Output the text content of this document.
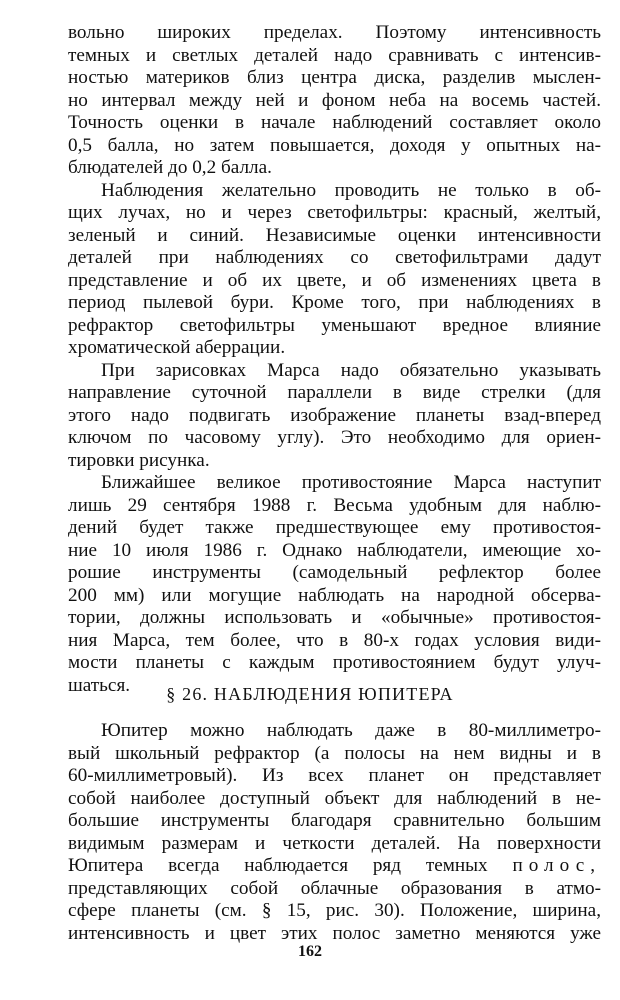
вольно широких пределах. Поэтому интенсивность
темных и светлых деталей надо сравнивать с интенсив-
ностью материков близ центра диска, разделив мыслен-
но интервал между ней и фоном неба на восемь частей.
Точность оценки в начале наблюдений составляет около
0,5 балла, но затем повышается, доходя у опытных на-
блюдателей до 0,2 балла.
Наблюдения желательно проводить не только в об-
щих лучах, но и через светофильтры: красный, желтый,
зеленый и синий. Независимые оценки интенсивности
деталей при наблюдениях со светофильтрами дадут
представление и об их цвете, и об изменениях цвета в
период пылевой бури. Кроме того, при наблюдениях в
рефрактор светофильтры уменьшают вредное влияние
хроматической аберрации.
При зарисовках Марса надо обязательно указывать
направление суточной параллели в виде стрелки (для
этого надо подвигать изображение планеты взад-вперед
ключом по часовому углу). Это необходимо для ориен-
тировки рисунка.
Ближайшее великое противостояние Марса наступит
лишь 29 сентября 1988 г. Весьма удобным для наблю-
дений будет также предшествующее ему противостоя-
ние 10 июля 1986 г. Однако наблюдатели, имеющие хо-
рошие инструменты (самодельный рефлектор более
200 мм) или могущие наблюдать на народной обсерва-
тории, должны использовать и «обычные» противостоя-
ния Марса, тем более, что в 80-х годах условия види-
мости планеты с каждым противостоянием будут улуч-
шаться.	§ 26. НАБЛЮДЕНИЯ ЮПИТЕРА
Юпитер можно наблюдать даже в 80-миллиметро-
вый школьный рефрактор (а полосы на нем видны и в
60-миллиметровый). Из всех планет он представляет
собой наиболее доступный объект для наблюдений в не-
большие инструменты благодаря сравнительно большим
видимым размерам и четкости деталей. На поверхности
Юпитера всегда наблюдается ряд темных полос,
представляющих собой облачные образования в атмо-
сфере планеты (см. § 15, рис. 30). Положение, ширина,
интенсивность и цвет этих полос заметно меняются уже
162
